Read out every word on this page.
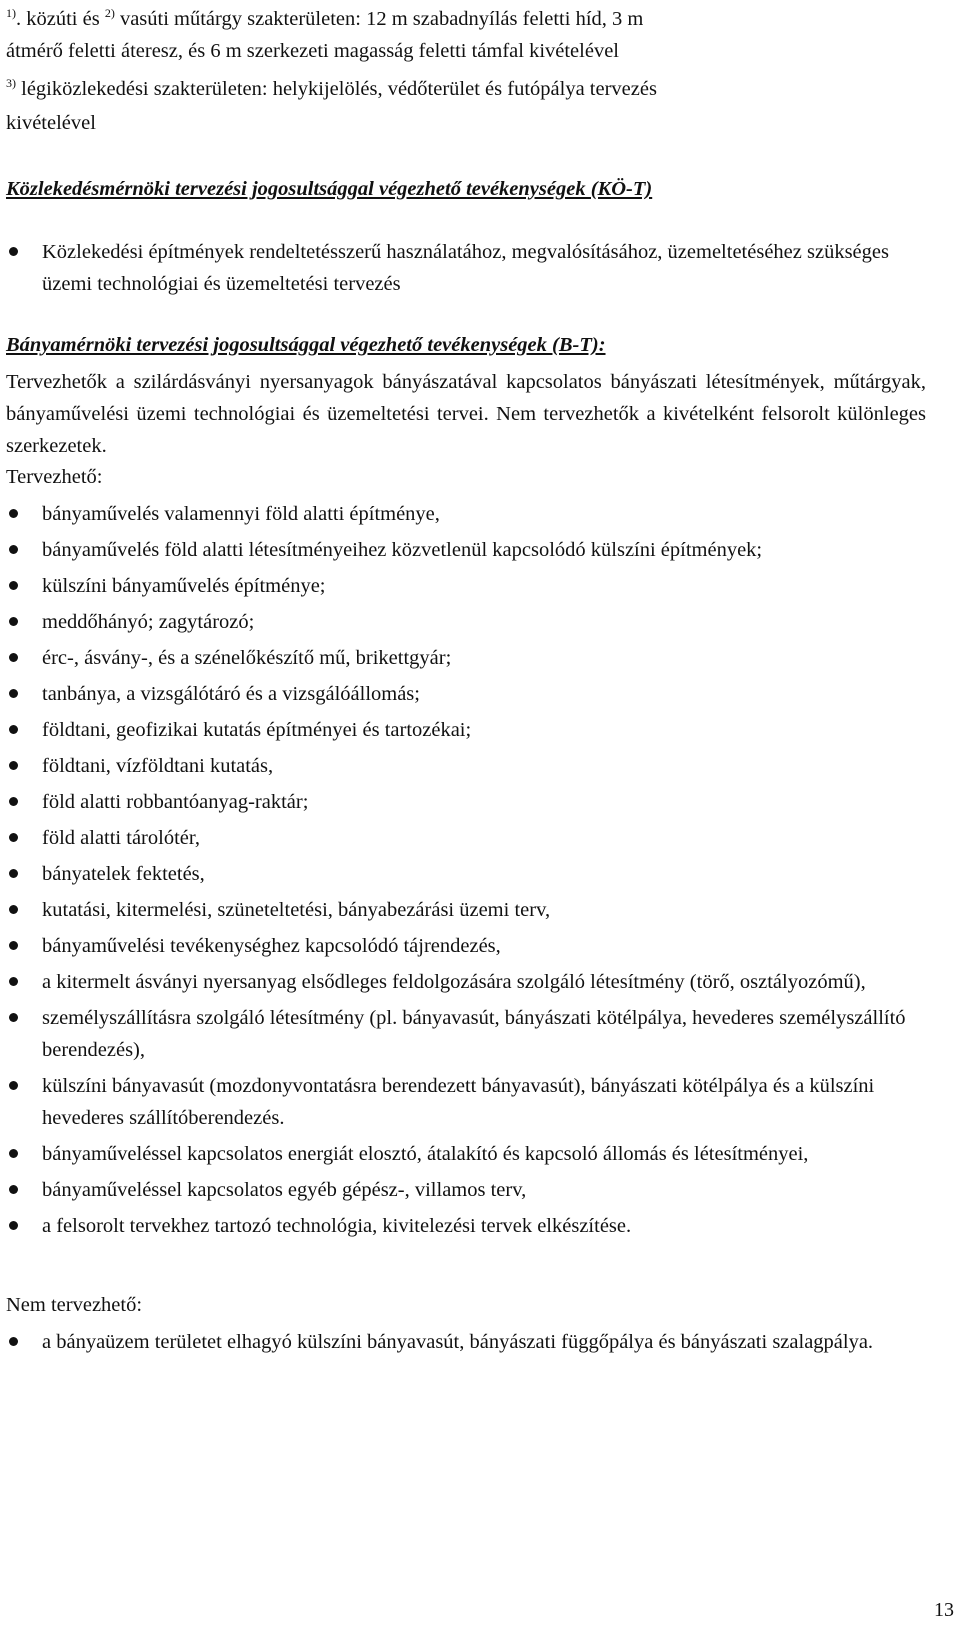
$^{1)}$. közúti és $^{2)}$ vasúti műtárgy szakterületen: 12 m szabadnyílás feletti híd, 3 m
átmérő feletti áteresz, és 6 m szerkezeti magasság feletti támfal kivételével
$^{3)}$ légiközlekedési szakterületen: helykijelölés, védőterület és futópálya tervezés
kivételével
Közlekedésmérnöki tervezési jogosultsággal végezhető tevékenységek (KÖ-T)
Közlekedési építmények rendeltetésszerű használatához, megvalósításához, üzemeltetéséhez szükséges üzemi technológiai és üzemeltetési tervezés
Bányamérnöki tervezési jogosultsággal végezhető tevékenységek (B-T):
Tervezhetők a szilárdásványi nyersanyagok bányászatával kapcsolatos bányászati létesítmények, műtárgyak, bányaművelési üzemi technológiai és üzemeltetési tervei. Nem tervezhetők a kivételként felsorolt különleges szerkezetek.
Tervezhető:
bányaművelés valamennyi föld alatti építménye,
bányaművelés föld alatti létesítményeihez közvetlenül kapcsolódó külszíni építmények;
külszíni bányaművelés építménye;
meddőhányó; zagytározó;
érc-, ásvány-, és a szénelőkészítő mű, brikettgyár;
tanbánya, a vizsgálótáró és a vizsgálóállomás;
földtani, geofizikai kutatás építményei és tartozékai;
földtani, vízföldtani kutatás,
föld alatti robbantóanyag-raktár;
föld alatti tárolótér,
bányatelek fektetés,
kutatási, kitermelési, szüneteltetési, bányabezárási üzemi terv,
bányaművelési tevékenységhez kapcsolódó tájrendezés,
a kitermelt ásványi nyersanyag elsődleges feldolgozására szolgáló létesítmény (törő, osztályozómű),
személyszállításra szolgáló létesítmény (pl. bányavasút, bányászati kötélpálya, hevederes személyszállító berendezés),
külszíni bányavasút (mozdonyvontatásra berendezett bányavasút), bányászati kötélpálya és a külszíni hevederes szállítóberendezés.
bányaműveléssel kapcsolatos energiát elosztó, átalakító és kapcsoló állomás és létesítményei,
bányaműveléssel kapcsolatos egyéb gépész-, villamos terv,
a felsorolt tervekhez tartozó technológia, kivitelezési tervek elkészítése.
Nem tervezhető:
a bányaüzem területet elhagyó külszíni bányavasút, bányászati függőpálya és bányászati szalagpálya.
13
